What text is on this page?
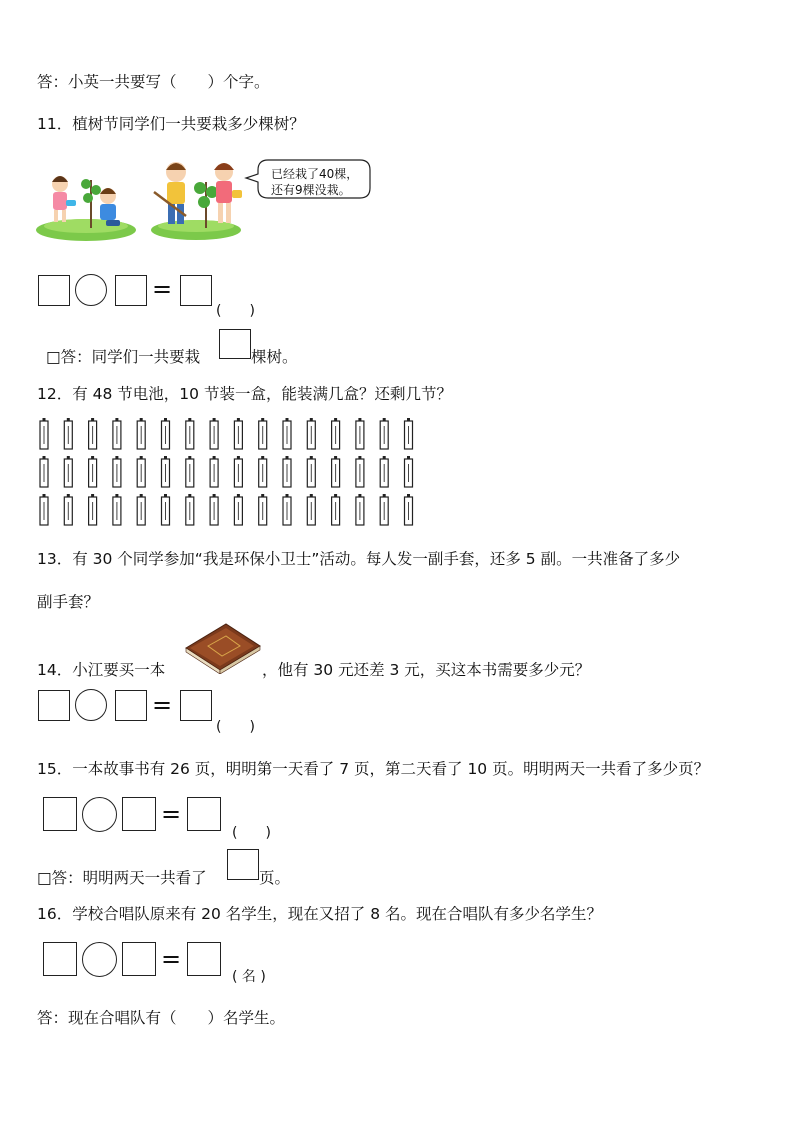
答：小英一共要写（　　）个字。
11．植树节同学们一共要栽多少棵树？
已经栽了40棵，
还有9棵没栽。
=
(　　)
□答：同学们一共要栽	棵树。
12．有 48 节电池，10 节装一盒，能装满几盒？还剩几节？
13．有 30 个同学参加“我是环保小卫士”活动。每人发一副手套，还多 5 副。一共准备了多少
副手套？
14．小江要买一本	，他有 30 元还差 3 元，买这本书需要多少元？
=
(　　)
15．一本故事书有 26 页，明明第一天看了 7 页，第二天看了 10 页。明明两天一共看了多少页？
=
(　　)
□答：明明两天一共看了	页。
16．学校合唱队原来有 20 名学生，现在又招了 8 名。现在合唱队有多少名学生？
=
( 名 )
答：现在合唱队有（　　）名学生。
